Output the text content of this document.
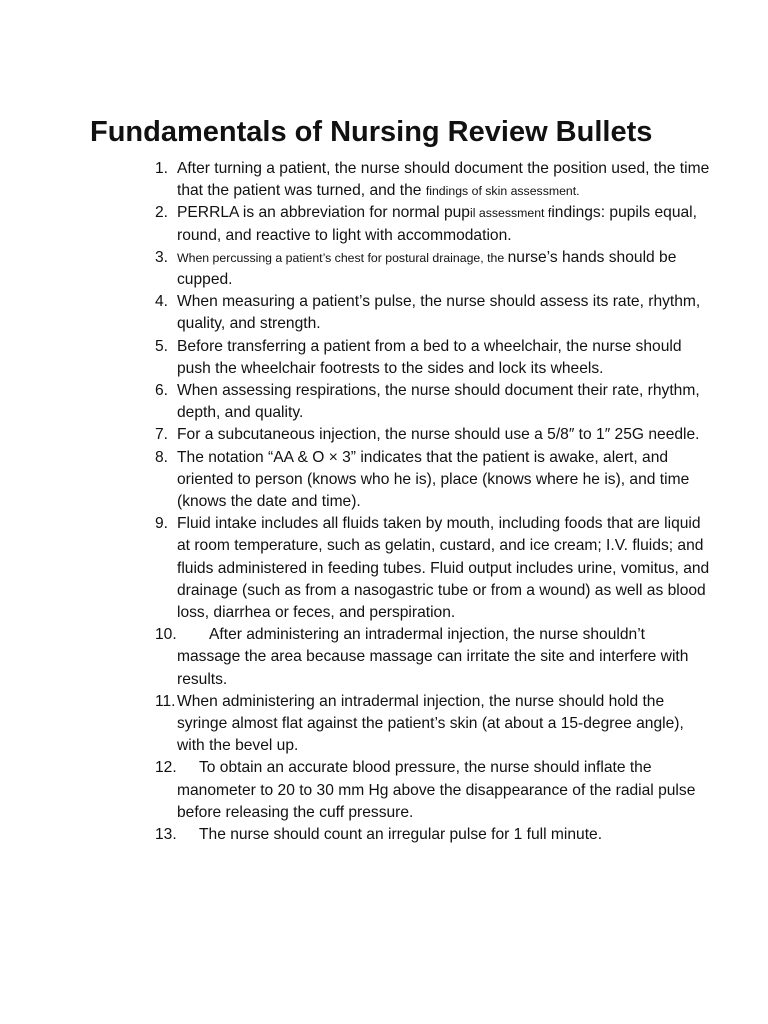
Fundamentals of Nursing Review Bullets
1. After turning a patient, the nurse should document the position used, the time that the patient was turned, and the findings of skin assessment.
2. PERRLA is an abbreviation for normal pupil assessment findings: pupils equal, round, and reactive to light with accommodation.
3. When percussing a patient’s chest for postural drainage, the nurse’s hands should be cupped.
4. When measuring a patient’s pulse, the nurse should assess its rate, rhythm, quality, and strength.
5. Before transferring a patient from a bed to a wheelchair, the nurse should push the wheelchair footrests to the sides and lock its wheels.
6. When assessing respirations, the nurse should document their rate, rhythm, depth, and quality.
7. For a subcutaneous injection, the nurse should use a 5/8″ to 1″ 25G needle.
8. The notation “AA & O × 3” indicates that the patient is awake, alert, and oriented to person (knows who he is), place (knows where he is), and time (knows the date and time).
9. Fluid intake includes all fluids taken by mouth, including foods that are liquid at room temperature, such as gelatin, custard, and ice cream; I.V. fluids; and fluids administered in feeding tubes. Fluid output includes urine, vomitus, and drainage (such as from a nasogastric tube or from a wound) as well as blood loss, diarrhea or feces, and perspiration.
10.	After administering an intradermal injection, the nurse shouldn’t massage the area because massage can irritate the site and interfere with results.
11. When administering an intradermal injection, the nurse should hold the syringe almost flat against the patient’s skin (at about a 15-degree angle), with the bevel up.
12.	To obtain an accurate blood pressure, the nurse should inflate the manometer to 20 to 30 mm Hg above the disappearance of the radial pulse before releasing the cuff pressure.
13.	The nurse should count an irregular pulse for 1 full minute.
